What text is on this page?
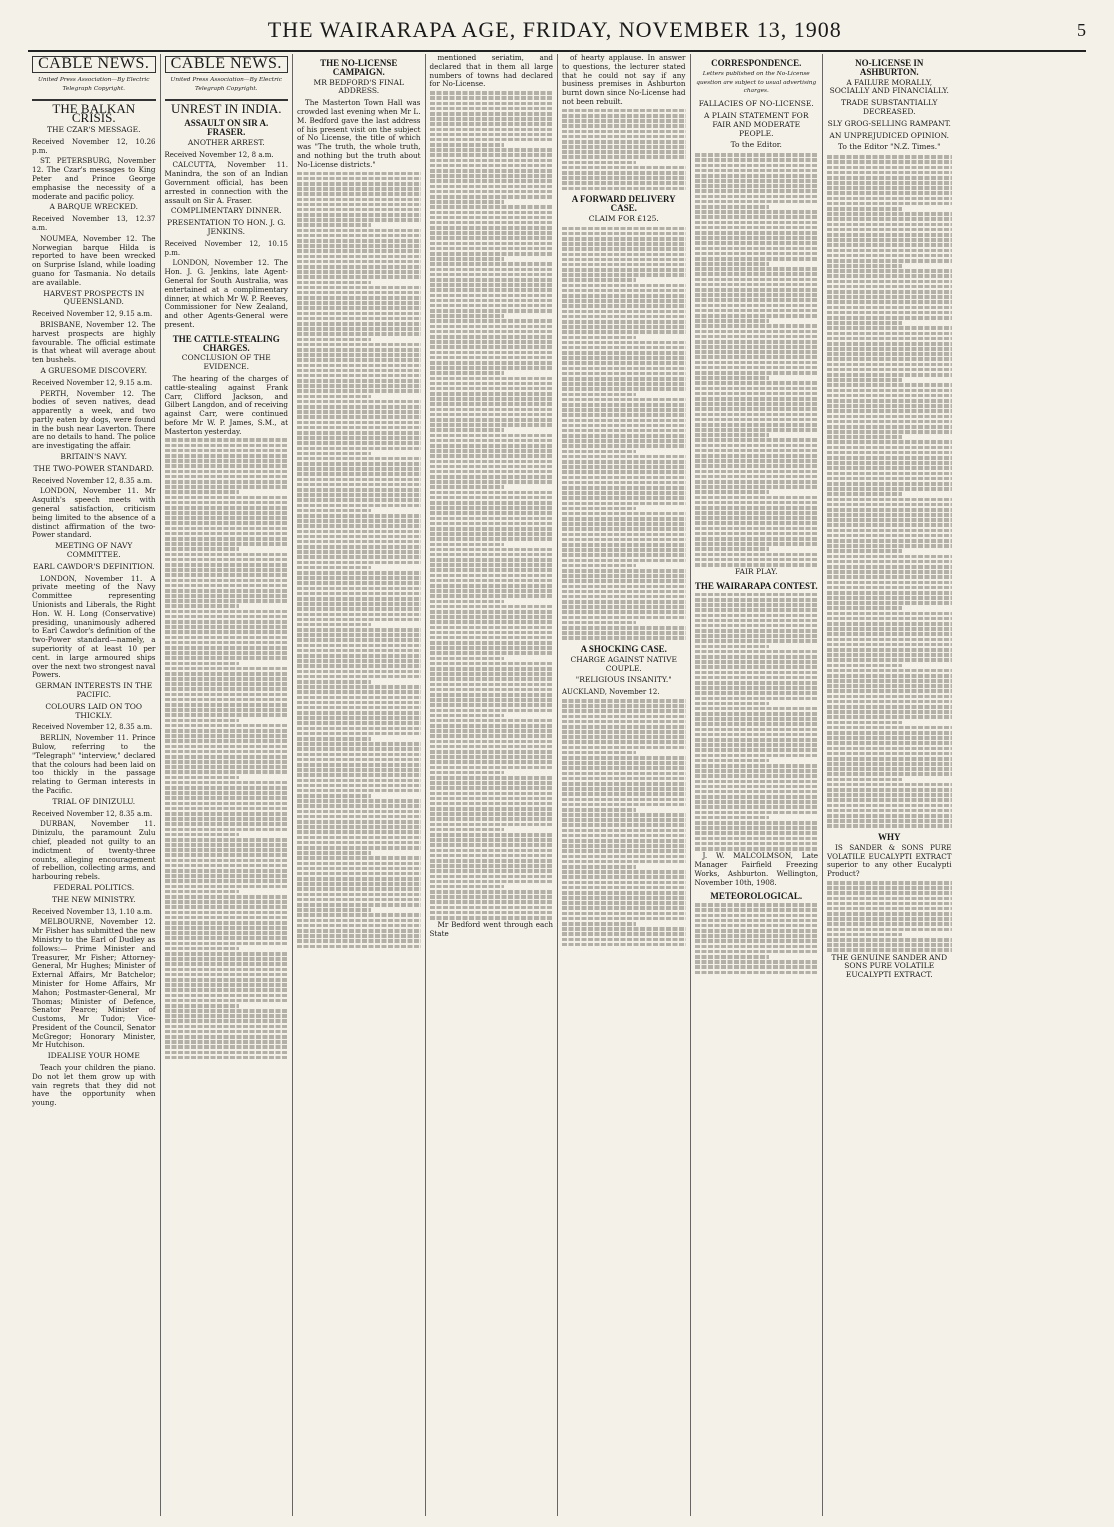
THE WAIRARAPA AGE, FRIDAY, NOVEMBER 13, 1908	5
CABLE NEWS.
United Press Association—By Electric Telegraph Copyright.
THE BALKAN CRISIS.
THE CZAR'S MESSAGE.
Received November 12, 10.26 p.m.

ST. PETERSBURG, November 12. The Czar's messages to King Peter and Prince George emphasise the necessity of a moderate and pacific policy.

A BARQUE WRECKED.
Received November 13, 12.37 a.m.

NOUMEA, November 12. The Norwegian barque Hilda is reported to have been wrecked on Surprise Island, while loading guano for Tasmania. No details are available.

HARVEST PROSPECTS IN QUEENSLAND.
Received November 12, 9.15 a.m.

BRISBANE, November 12. The harvest prospects are highly favourable. The official estimate is that wheat will average about ten bushels.

A GRUESOME DISCOVERY.
Received November 12, 9.15 a.m.

PERTH, November 12. The bodies of seven natives, dead apparently a week, and two partly eaten by dogs, were found in the bush near Laverton. There are no details to hand. The police are investigating the affair.

BRITAIN'S NAVY.
THE TWO-POWER STANDARD.
Received November 12, 8.35 a.m.

LONDON, November 11. Mr Asquith's speech meets with general satisfaction, criticism being limited to the absence of a distinct affirmation of the two-Power standard.

MEETING OF NAVY COMMITTEE.
EARL CAWDOR'S DEFINITION.

LONDON, November 11. A private meeting of the Navy Committee representing Unionists and Liberals, the Right Hon. W. H. Long (Conservative) presiding, unanimously adhered to Earl Cawdor's definition of the two-Power standard—namely, a superiority of at least 10 per cent. in large armoured ships over the next two strongest naval Powers.

GERMAN INTERESTS IN THE PACIFIC.
COLOURS LAID ON TOO THICKLY.
Received November 12, 8.35 a.m.

BERLIN, November 11. Prince Bulow, referring to the "Telegraph" "interview," declared that the colours had been laid on too thickly in the passage relating to German interests in the Pacific.

TRIAL OF DINIZULU.
Received November 12, 8.35 a.m.

DURBAN, November 11. Dinizulu, the paramount Zulu chief, pleaded not guilty to an indictment of twenty-three counts, alleging encouragement of rebellion, collecting arms, and harbouring rebels.

FEDERAL POLITICS.
THE NEW MINISTRY.
Received November 13, 1.10 a.m.

MELBOURNE, November 12. Mr Fisher has submitted the new Ministry to the Earl of Dudley as follows:— Prime Minister and Treasurer, Mr Fisher; Attorney-General, Mr Hughes; Minister of External Affairs, Mr Batchelor; Minister for Home Affairs, Mr Mahon; Postmaster-General, Mr Thomas; Minister of Defence, Senator Pearce; Minister of Customs, Mr Tudor; Vice-President of the Council, Senator McGregor; Honorary Minister, Mr Hutchison.

IDEALISE YOUR HOME

Teach your children the piano. Do not let them grow up with vain regrets that they did not have the opportunity when young.

CABLE NEWS.
United Press Association—By Electric Telegraph Copyright.
UNREST IN INDIA.
ASSAULT ON SIR A. FRASER.
ANOTHER ARREST.
Received November 12, 8 a.m.

CALCUTTA, November 11. Manindra, the son of an Indian Government official, has been arrested in connection with the assault on Sir A. Fraser.

COMPLIMENTARY DINNER.
PRESENTATION TO HON. J. G. JENKINS.
Received November 12, 10.15 p.m.

LONDON, November 12. The Hon. J. G. Jenkins, late Agent-General for South Australia, was entertained at a complimentary dinner, at which Mr W. P. Reeves, Commissioner for New Zealand, and other Agents-General were present.

THE CATTLE-STEALING CHARGES.
CONCLUSION OF THE EVIDENCE.

The hearing of the charges of cattle-stealing against Frank Carr, Clifford Jackson, and Gilbert Langdon, and of receiving against Carr, were continued before Mr W. P. James, S.M., at Masterton yesterday.

THE NO-LICENSE CAMPAIGN.
MR BEDFORD'S FINAL ADDRESS.

The Masterton Town Hall was crowded last evening when Mr L. M. Bedford gave the last address of his present visit on the subject of No License, the title of which was "The truth, the whole truth, and nothing but the truth about No-License districts."

mentioned seriatim, and declared that in them all large numbers of towns had declared for No-License.

Mr Bedford went through each State

of hearty applause. In answer to questions, the lecturer stated that he could not say if any business premises in Ashburton burnt down since No-License had not been rebuilt.

A FORWARD DELIVERY CASE.
CLAIM FOR £125.
A SHOCKING CASE.
CHARGE AGAINST NATIVE COUPLE.
"RELIGIOUS INSANITY."
AUCKLAND, November 12.
CORRESPONDENCE.
Letters published on the No-License question are subject to usual advertising charges.
FALLACIES OF NO-LICENSE.
A PLAIN STATEMENT FOR FAIR AND MODERATE PEOPLE.
To the Editor.
FAIR PLAY.
THE WAIRARAPA CONTEST.

J. W. MALCOLMSON, Late Manager Fairfield Freezing Works, Ashburton. Wellington, November 10th, 1908.

METEOROLOGICAL.
NO-LICENSE IN ASHBURTON.
A FAILURE MORALLY, SOCIALLY AND FINANCIALLY.
TRADE SUBSTANTIALLY DECREASED.
SLY GROG-SELLING RAMPANT.
AN UNPREJUDICED OPINION.
To the Editor "N.Z. Times."
WHY

IS SANDER & SONS PURE VOLATILE EUCALYPTI EXTRACT superior to any other Eucalypti Product?

THE GENUINE SANDER AND SONS PURE VOLATILE EUCALYPTI EXTRACT.
